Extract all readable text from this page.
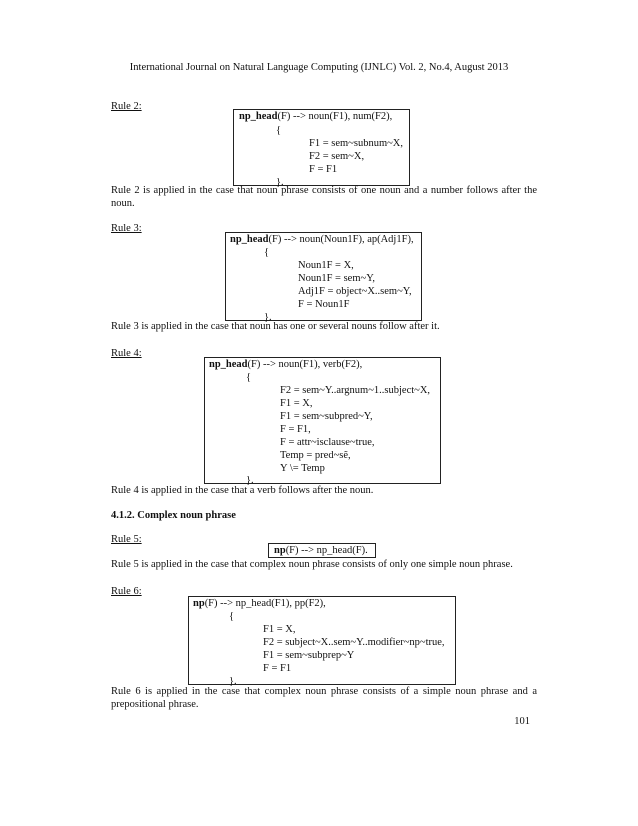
International Journal on Natural Language Computing (IJNLC) Vol. 2, No.4, August 2013
Rule 2:
np_head(F) --> noun(F1), num(F2),
{
F1 = sem~subnum~X,
F2 = sem~X,
F = F1
}.
Rule 2 is applied in the case that noun phrase consists of one noun and a number follows after the noun.
Rule 3:
np_head(F) --> noun(Noun1F), ap(Adj1F),
{
Noun1F = X,
Noun1F = sem~Y,
Adj1F = object~X..sem~Y,
F = Noun1F
}.
Rule 3 is applied in the case that noun has one or several nouns follow after it.
Rule 4:
np_head(F) --> noun(F1), verb(F2),
{
F2 = sem~Y..argnum~1..subject~X,
F1 = X,
F1 = sem~subpred~Y,
F = F1,
F = attr~isclause~true,
Temp = pred~sẽ,
Y \= Temp
}.
Rule 4 is applied in the case that a verb follows after the noun.
4.1.2. Complex noun phrase
Rule 5:
np(F) --> np_head(F).
Rule 5 is applied in the case that complex noun phrase consists of only one simple noun phrase.
Rule 6:
np(F) --> np_head(F1), pp(F2),
{
F1 = X,
F2 = subject~X..sem~Y..modifier~np~true,
F1 = sem~subprep~Y
F = F1
}.
Rule 6 is applied in the case that complex noun phrase consists of a simple noun phrase and a prepositional phrase.
101
